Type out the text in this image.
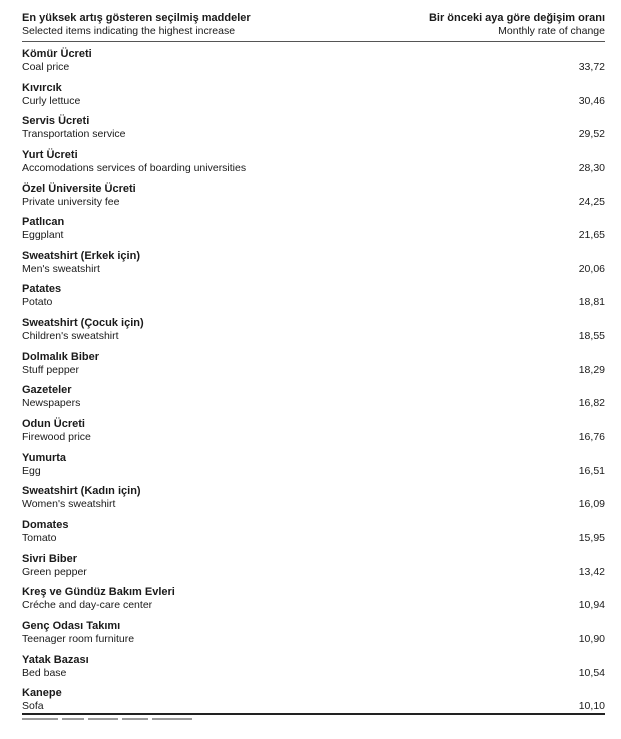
En yüksek artış gösteren seçilmiş maddeler
Selected items indicating the highest increase
Bir önceki aya göre değişim oranı
Monthly rate of change
Kömür Ücreti
Coal price	33,72
Kıvırcık
Curly lettuce	30,46
Servis Ücreti
Transportation service	29,52
Yurt Ücreti
Accomodations services of boarding universities	28,30
Özel Üniversite Ücreti
Private university fee	24,25
Patlıcan
Eggplant	21,65
Sweatshirt (Erkek için)
Men's sweatshirt	20,06
Patates
Potato	18,81
Sweatshirt (Çocuk için)
Children's sweatshirt	18,55
Dolmalık Biber
Stuff pepper	18,29
Gazeteler
Newspapers	16,82
Odun Ücreti
Firewood price	16,76
Yumurta
Egg	16,51
Sweatshirt (Kadın için)
Women's sweatshirt	16,09
Domates
Tomato	15,95
Sivri Biber
Green pepper	13,42
Kreş ve Gündüz Bakım Evleri
Créche and day-care center	10,94
Genç Odası Takımı
Teenager room furniture	10,90
Yatak Bazası
Bed base	10,54
Kanepe
Sofa	10,10
